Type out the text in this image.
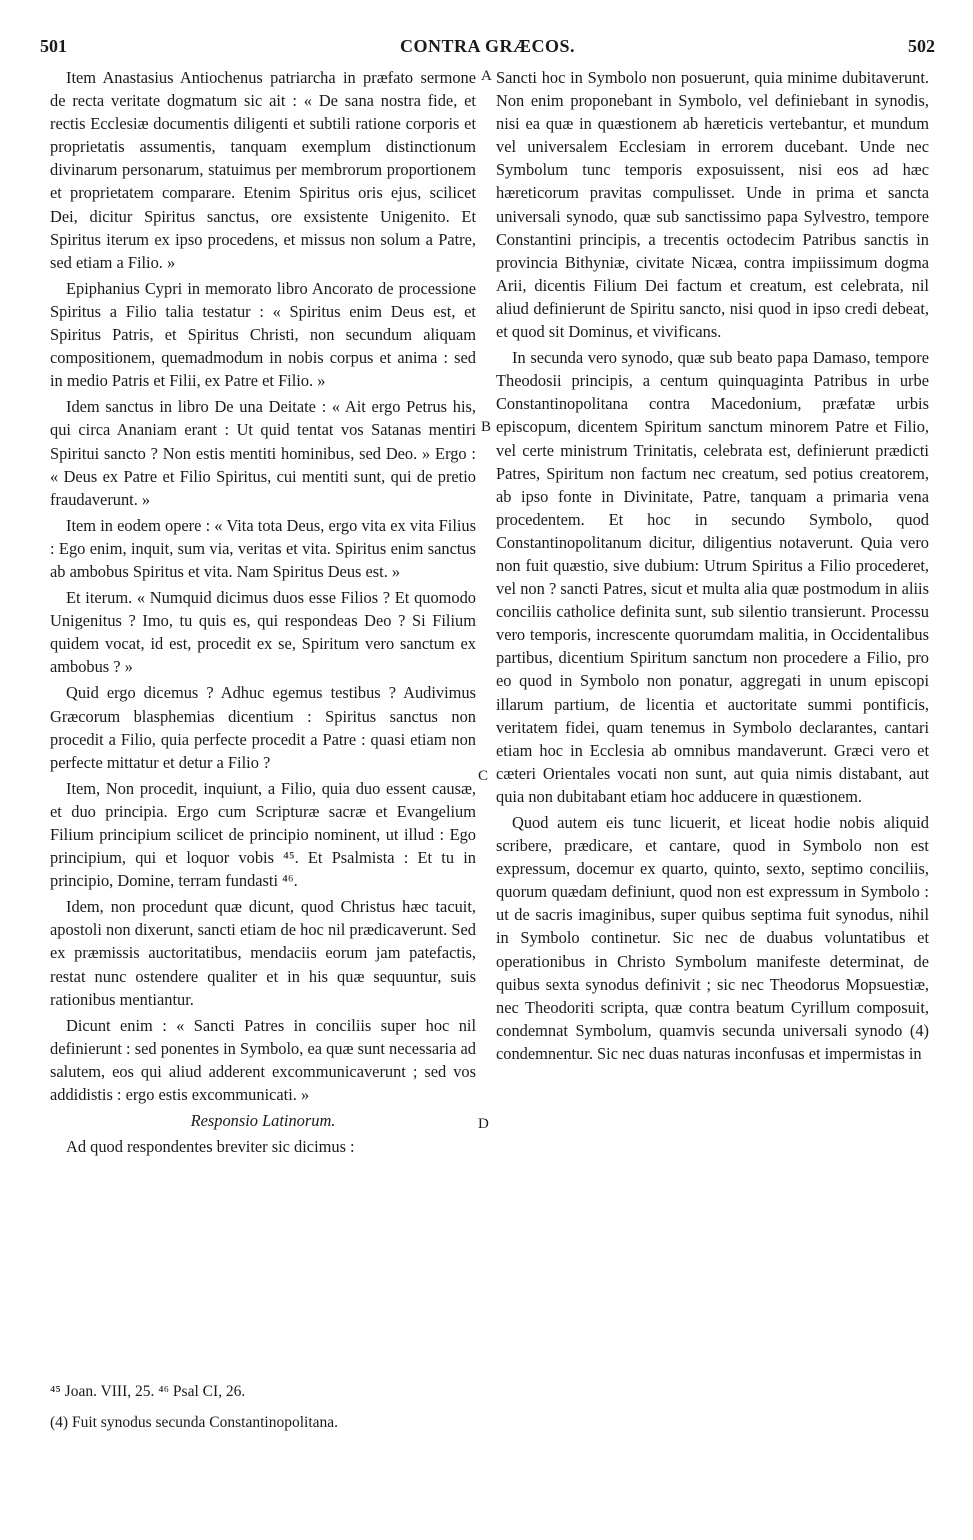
501	CONTRA GRÆCOS.	502
A
B
C
D

Item Anastasius Antiochenus patriarcha in præfato sermone de recta veritate dogmatum sic ait : « De sana nostra fide, et rectis Ecclesiæ documentis diligenti et subtili ratione corporis et proprietatis assumentis, tanquam exemplum distinctionum divinarum personarum, statuimus per membrorum proportionem et proprietatem comparare. Etenim Spiritus oris ejus, scilicet Dei, dicitur Spiritus sanctus, ore exsistente Unigenito. Et Spiritus iterum ex ipso procedens, et missus non solum a Patre, sed etiam a Filio. »

Epiphanius Cypri in memorato libro Ancorato de processione Spiritus a Filio talia testatur : « Spiritus enim Deus est, et Spiritus Patris, et Spiritus Christi, non secundum aliquam compositionem, quemadmodum in nobis corpus et anima : sed in medio Patris et Filii, ex Patre et Filio. »

Idem sanctus in libro De una Deitate : « Ait ergo Petrus his, qui circa Ananiam erant : Ut quid tentat vos Satanas mentiri Spiritui sancto ? Non estis mentiti hominibus, sed Deo. » Ergo : « Deus ex Patre et Filio Spiritus, cui mentiti sunt, qui de pretio fraudaverunt. »

Item in eodem opere : « Vita tota Deus, ergo vita ex vita Filius : Ego enim, inquit, sum via, veritas et vita. Spiritus enim sanctus ab ambobus Spiritus et vita. Nam Spiritus Deus est. »

Et iterum. « Numquid dicimus duos esse Filios ? Et quomodo Unigenitus ? Imo, tu quis es, qui respondeas Deo ? Si Filium quidem vocat, id est, procedit ex se, Spiritum vero sanctum ex ambobus ? »

Quid ergo dicemus ? Adhuc egemus testibus ? Audivimus Græcorum blasphemias dicentium : Spiritus sanctus non procedit a Filio, quia perfecte procedit a Patre : quasi etiam non perfecte mittatur et detur a Filio ?

Item, Non procedit, inquiunt, a Filio, quia duo essent causæ, et duo principia. Ergo cum Scripturæ sacræ et Evangelium Filium principium scilicet de principio nominent, ut illud : Ego principium, qui et loquor vobis ⁴⁵. Et Psalmista : Et tu in principio, Domine, terram fundasti ⁴⁶.

Idem, non procedunt quæ dicunt, quod Christus hæc tacuit, apostoli non dixerunt, sancti etiam de hoc nil prædicaverunt. Sed ex præmissis auctoritatibus, mendaciis eorum jam patefactis, restat nunc ostendere qualiter et in his quæ sequuntur, suis rationibus mentiantur.

Dicunt enim : « Sancti Patres in conciliis super hoc nil definierunt : sed ponentes in Symbolo, ea quæ sunt necessaria ad salutem, eos qui aliud adderent excommunicaverunt ; sed vos addidistis : ergo estis excommunicati. »

Responsio Latinorum.

Ad quod respondentes breviter sic dicimus :

Sancti hoc in Symbolo non posuerunt, quia minime dubitaverunt. Non enim proponebant in Symbolo, vel definiebant in synodis, nisi ea quæ in quæstionem ab hæreticis vertebantur, et mundum vel universalem Ecclesiam in errorem ducebant. Unde nec Symbolum tunc temporis exposuissent, nisi eos ad hæc hæreticorum pravitas compulisset. Unde in prima et sancta universali synodo, quæ sub sanctissimo papa Sylvestro, tempore Constantini principis, a trecentis octodecim Patribus sanctis in provincia Bithyniæ, civitate Nicæa, contra impiissimum dogma Arii, dicentis Filium Dei factum et creatum, est celebrata, nil aliud definierunt de Spiritu sancto, nisi quod in ipso credi debeat, et quod sit Dominus, et vivificans.

In secunda vero synodo, quæ sub beato papa Damaso, tempore Theodosii principis, a centum quinquaginta Patribus in urbe Constantinopolitana contra Macedonium, præfatæ urbis episcopum, dicentem Spiritum sanctum minorem Patre et Filio, vel certe ministrum Trinitatis, celebrata est, definierunt prædicti Patres, Spiritum non factum nec creatum, sed potius creatorem, ab ipso fonte in Divinitate, Patre, tanquam a primaria vena procedentem. Et hoc in secundo Symbolo, quod Constantinopolitanum dicitur, diligentius notaverunt. Quia vero non fuit quæstio, sive dubium: Utrum Spiritus a Filio procederet, vel non ? sancti Patres, sicut et multa alia quæ postmodum in aliis conciliis catholice definita sunt, sub silentio transierunt. Processu vero temporis, increscente quorumdam malitia, in Occidentalibus partibus, dicentium Spiritum sanctum non procedere a Filio, pro eo quod in Symbolo non ponatur, aggregati in unum episcopi illarum partium, de licentia et auctoritate summi pontificis, veritatem fidei, quam tenemus in Symbolo declarantes, cantari etiam hoc in Ecclesia ab omnibus mandaverunt. Græci vero et cæteri Orientales vocati non sunt, aut quia nimis distabant, aut quia non dubitabant etiam hoc adducere in quæstionem.

Quod autem eis tunc licuerit, et liceat hodie nobis aliquid scribere, prædicare, et cantare, quod in Symbolo non est expressum, docemur ex quarto, quinto, sexto, septimo conciliis, quorum quædam definiunt, quod non est expressum in Symbolo : ut de sacris imaginibus, super quibus septima fuit synodus, nihil in Symbolo continetur. Sic nec de duabus voluntatibus et operationibus in Christo Symbolum manifeste determinat, de quibus sexta synodus definivit ; sic nec Theodorus Mopsuestiæ, nec Theodoriti scripta, quæ contra beatum Cyrillum composuit, condemnat Symbolum, quamvis secunda universali synodo (4) condemnentur. Sic nec duas naturas inconfusas et impermistas in

⁴⁵ Joan. VIII, 25. ⁴⁶ Psal CI, 26.
(4) Fuit synodus secunda Constantinopolitana.
